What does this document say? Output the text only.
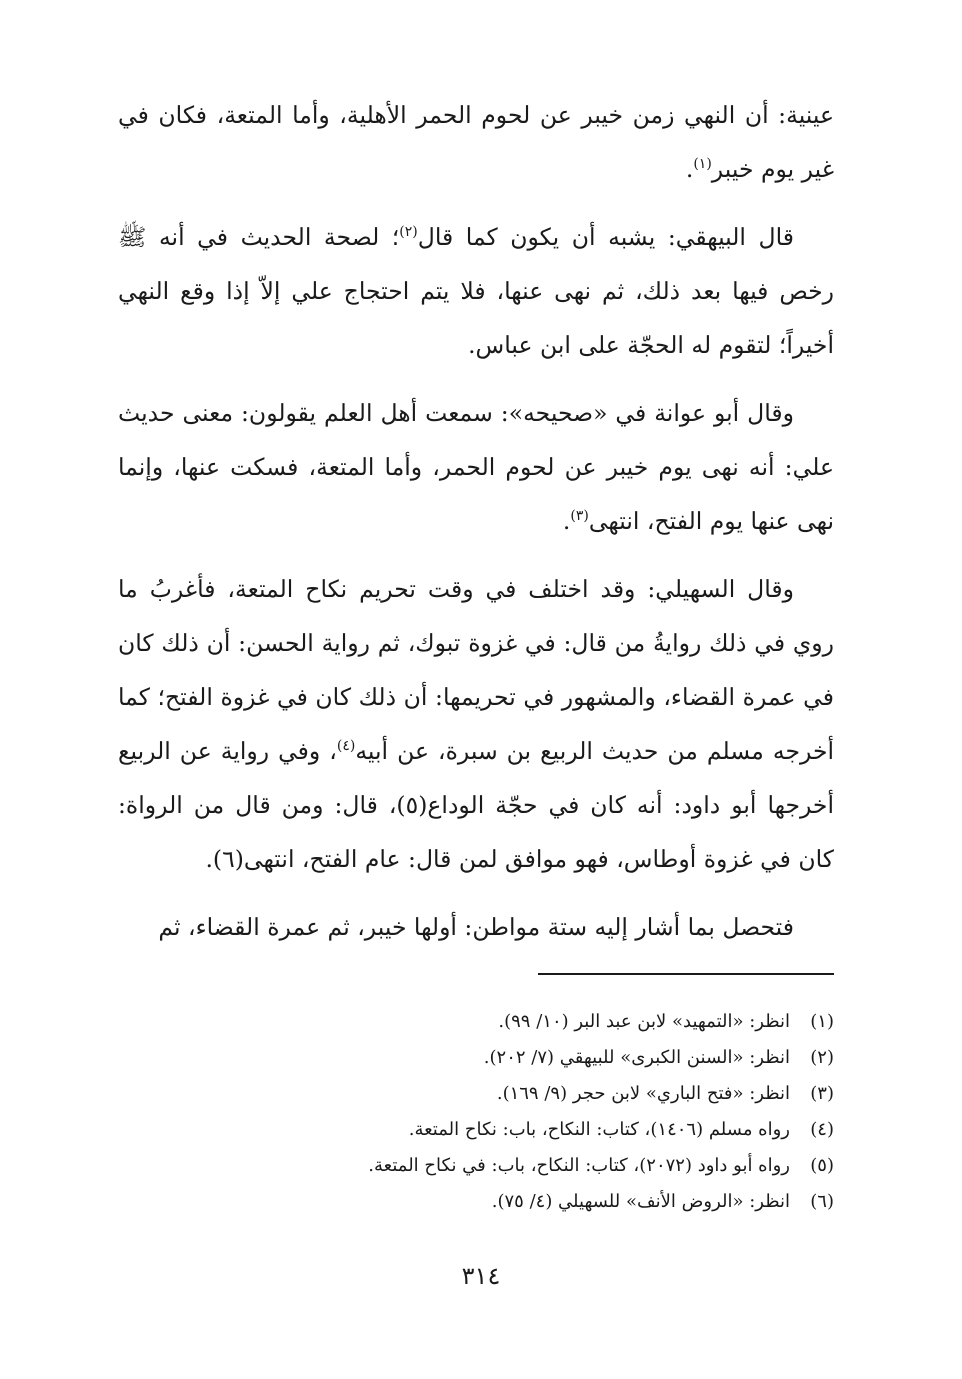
عينية: أن النهي زمن خيبر عن لحوم الحمر الأهلية، وأما المتعة، فكان في غير يوم خيبر$^{(١)}$.

قال البيهقي: يشبه أن يكون كما قال$^{(٢)}$؛ لصحة الحديث في أنه ﷺ رخص فيها بعد ذلك، ثم نهى عنها، فلا يتم احتجاج علي إلاّ إذا وقع النهي أخيراً؛ لتقوم له الحجّة على ابن عباس.

وقال أبو عوانة في «صحيحه»: سمعت أهل العلم يقولون: معنى حديث علي: أنه نهى يوم خيبر عن لحوم الحمر، وأما المتعة، فسكت عنها، وإنما نهى عنها يوم الفتح، انتهى$^{(٣)}$.

وقال السهيلي: وقد اختلف في وقت تحريم نكاح المتعة، فأغربُ ما روي في ذلك روايةُ من قال: في غزوة تبوك، ثم رواية الحسن: أن ذلك كان في عمرة القضاء، والمشهور في تحريمها: أن ذلك كان في غزوة الفتح؛ كما أخرجه مسلم من حديث الربيع بن سبرة، عن أبيه$^{(٤)}$، وفي رواية عن الربيع أخرجها أبو داود: أنه كان في حجّة الوداع(٥)، قال: ومن قال من الرواة: كان في غزوة أوطاس، فهو موافق لمن قال: عام الفتح، انتهى(٦).

فتحصل بما أشار إليه ستة مواطن: أولها خيبر، ثم عمرة القضاء، ثم

(١)انظر: «التمهيد» لابن عبد البر (١٠/ ٩٩).
(٢)انظر: «السنن الكبرى» للبيهقي (٧/ ٢٠٢).
(٣)انظر: «فتح الباري» لابن حجر (٩/ ١٦٩).
(٤)رواه مسلم (١٤٠٦)، كتاب: النكاح، باب: نكاح المتعة.
(٥)رواه أبو داود (٢٠٧٢)، كتاب: النكاح، باب: في نكاح المتعة.
(٦)انظر: «الروض الأنف» للسهيلي (٤/ ٧٥).
٣١٤
